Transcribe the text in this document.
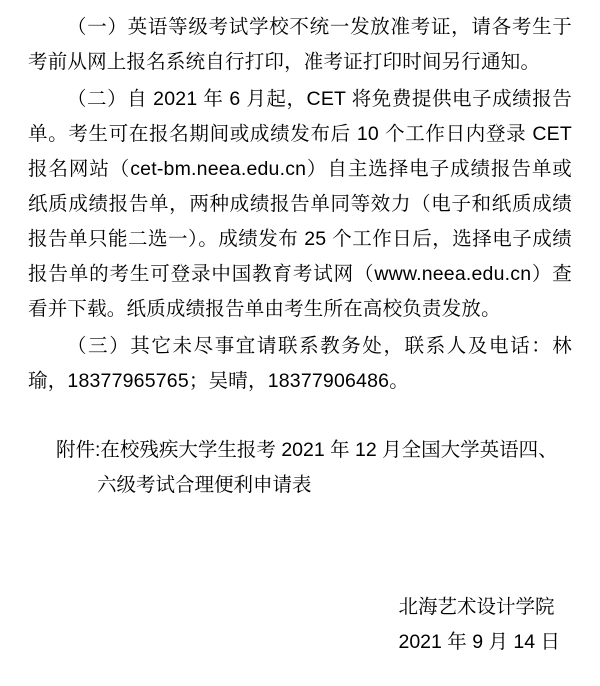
（一）英语等级考试学校不统一发放准考证，请各考生于考前从网上报名系统自行打印，准考证打印时间另行通知。

（二）自 2021 年 6 月起，CET 将免费提供电子成绩报告单。考生可在报名期间或成绩发布后 10 个工作日内登录 CET 报名网站（cet-bm.neea.edu.cn）自主选择电子成绩报告单或纸质成绩报告单，两种成绩报告单同等效力（电子和纸质成绩报告单只能二选一）。成绩发布 25 个工作日后，选择电子成绩报告单的考生可登录中国教育考试网（www.neea.edu.cn）查看并下载。纸质成绩报告单由考生所在高校负责发放。

（三）其它未尽事宜请联系教务处，联系人及电话：林瑜，18377965765；吴晴，18377906486。

附件:在校残疾大学生报考 2021 年 12 月全国大学英语四、

六级考试合理便利申请表

北海艺术设计学院
2021 年 9 月 14 日
